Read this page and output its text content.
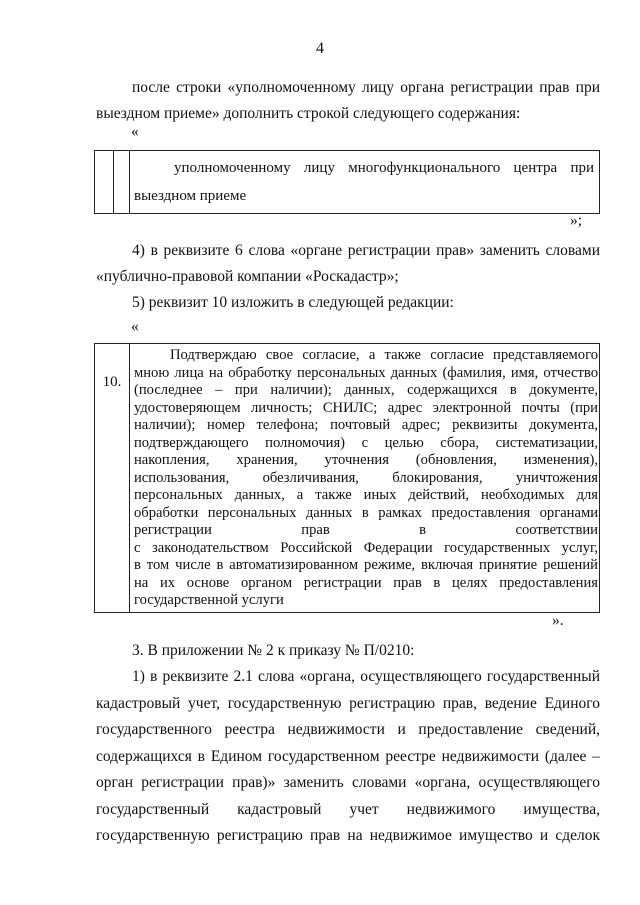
4

после строки «уполномоченному лицу органа регистрации прав при выездном приеме» дополнить строкой следующего содержания:

«
уполномоченному лицу многофункционального центра при
выездном приеме
»;

4) в реквизите 6 слова «органе регистрации прав» заменить словами «публично-правовой компании «Роскадастр»;

5) реквизит 10 изложить в следующей редакции:

«
10.
Подтверждаю свое согласие, а также согласие представляемого
мною лица на обработку персональных данных (фамилия, имя, отчество
(последнее – при наличии); данных, содержащихся в документе,
удостоверяющем личность; СНИЛС; адрес электронной почты (при
наличии); номер телефона; почтовый адрес; реквизиты документа,
подтверждающего полномочия) с целью сбора, систематизации,
накопления, хранения, уточнения (обновления, изменения),
использования, обезличивания, блокирования, уничтожения
персональных данных, а также иных действий, необходимых для
обработки персональных данных в рамках предоставления органами
регистрации прав в соответствии
с законодательством Российской Федерации государственных услуг,
в том числе в автоматизированном режиме, включая принятие решений
на их основе органом регистрации прав в целях предоставления
государственной услуги
».

3. В приложении № 2 к приказу № П/0210:

1) в реквизите 2.1 слова «органа, осуществляющего государственный кадастровый учет, государственную регистрацию прав, ведение Единого государственного реестра недвижимости и предоставление сведений, содержащихся в Едином государственном реестре недвижимости (далее – орган регистрации прав)» заменить словами «органа, осуществляющего государственный кадастровый учет недвижимого имущества, государственную регистрацию прав на недвижимое имущество и сделок
